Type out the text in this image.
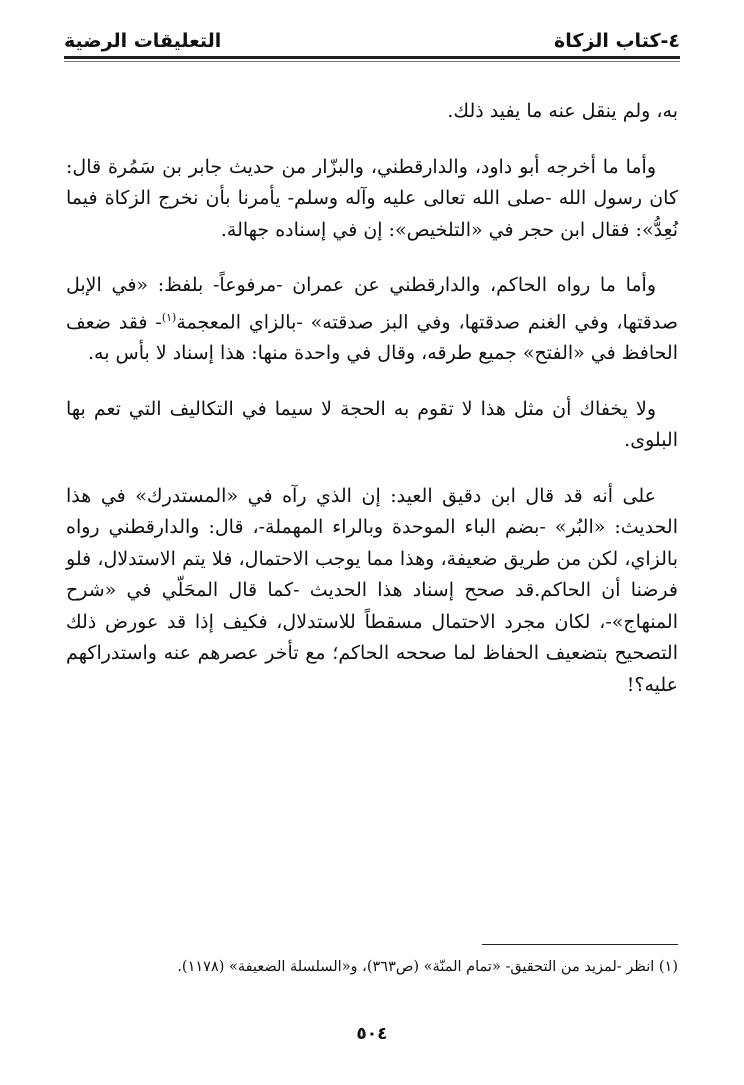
٤-كتاب الزكاة
التعليقات الرضية

به، ولم ينقل عنه ما يفيد ذلك.

وأما ما أخرجه أبو داود، والدارقطني، والبزّار من حديث جابر بن سَمُرة قال: كان رسول الله -صلى الله تعالى عليه وآله وسلم- يأمرنا بأن نخرج الزكاة فيما نُعِدُّ»: فقال ابن حجر في «التلخيص»: إن في إسناده جهالة.

وأما ما رواه الحاكم، والدارقطني عن عمران -مرفوعاً- بلفظ: «في الإبل صدقتها، وفي الغنم صدقتها، وفي البز صدقته» -بالزاي المعجمة$^{(١)}$- فقد ضعف الحافظ في «الفتح» جميع طرقه، وقال في واحدة منها: هذا إسناد لا بأس به.

ولا يخفاك أن مثل هذا لا تقوم به الحجة لا سيما في التكاليف التي تعم بها البلوى.

على أنه قد قال ابن دقيق العيد: إن الذي رآه في «المستدرك» في هذا الحديث: «البُر» -بضم الباء الموحدة وبالراء المهملة-، قال: والدارقطني رواه بالزاي، لكن من طريق ضعيفة، وهذا مما يوجب الاحتمال، فلا يتم الاستدلال، فلو فرضنا أن الحاكم.قد صحح إسناد هذا الحديث -كما قال المحَلّي في «شرح المنهاج»-، لكان مجرد الاحتمال مسقطاً للاستدلال، فكيف إذا قد عورض ذلك التصحيح بتضعيف الحفاظ لما صححه الحاكم؛ مع تأخر عصرهم عنه واستدراكهم عليه؟!

(١) انظر -لمزيد من التحقيق- «تمام المنّة» (ص٣٦٣)، و«السلسلة الضعيفة» (١١٧٨).
٥٠٤
